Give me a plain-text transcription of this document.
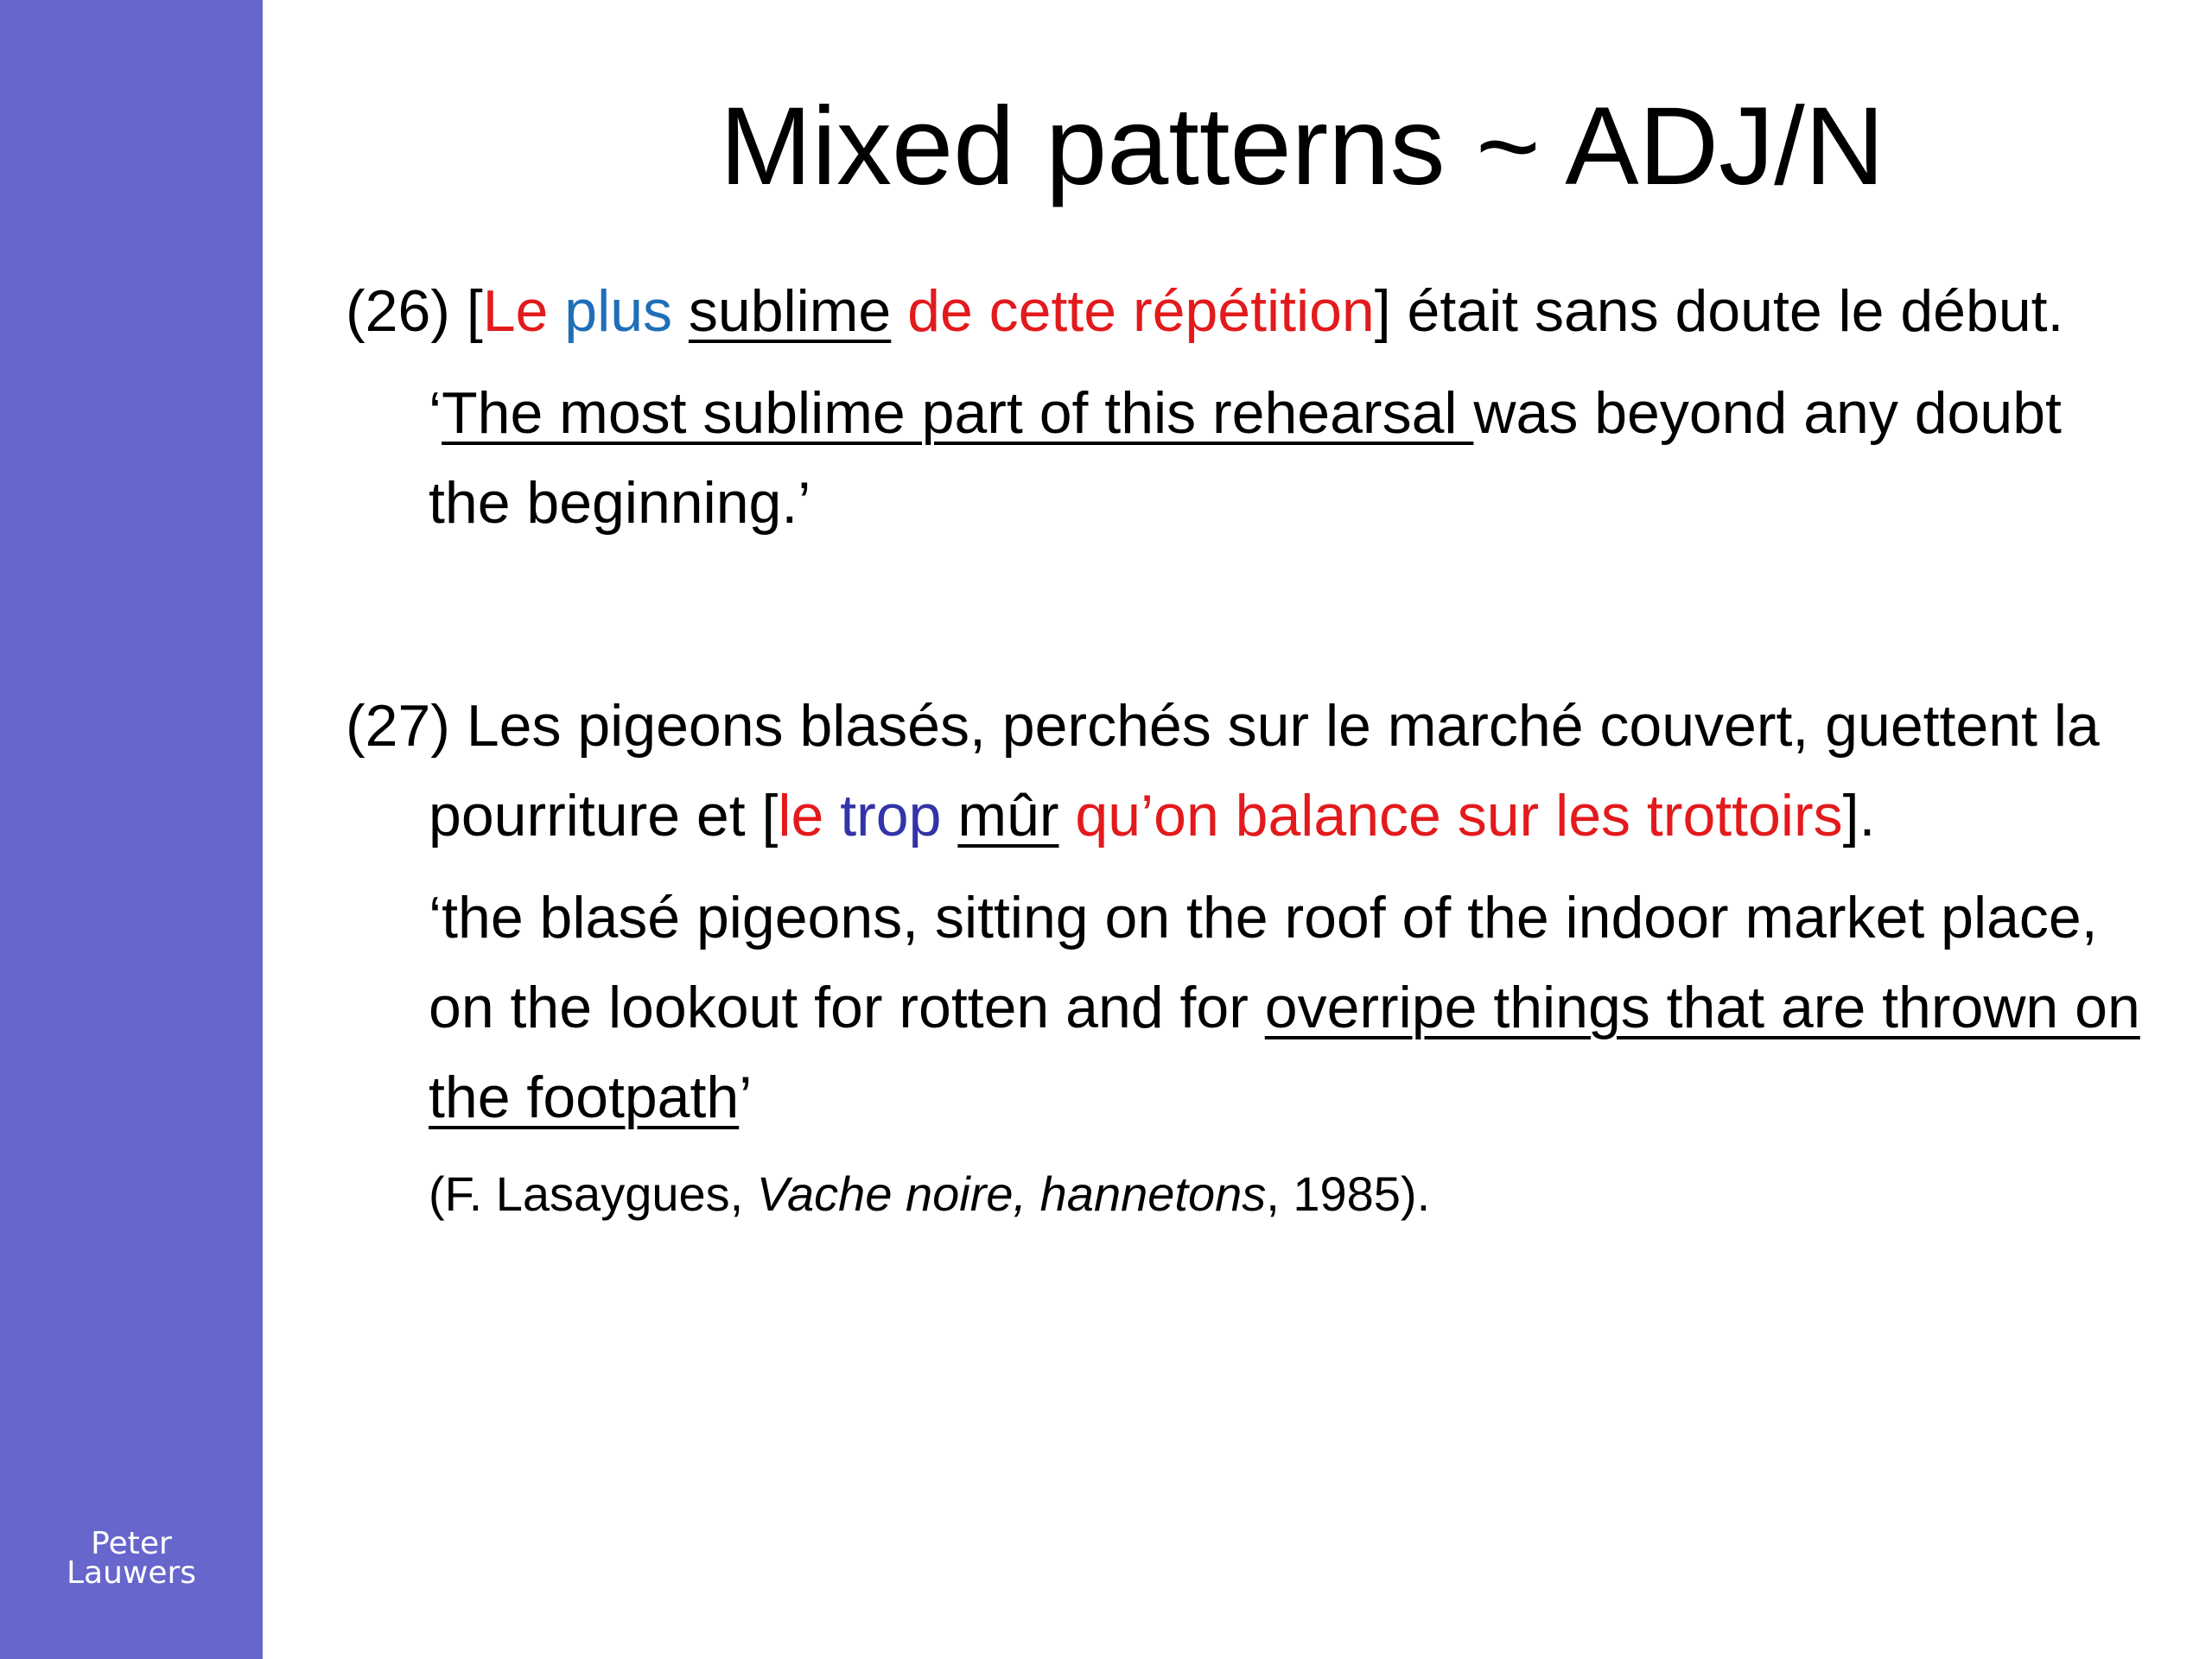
Peter
Lauwers
Mixed patterns ~ ADJ/N

(26) [Le plus sublime de cette répétition] était sans doute le début.

‘The most sublime part of this rehearsal was beyond any doubt the beginning.’

(27) Les pigeons blasés, perchés sur le marché couvert, guettent la pourriture et [le trop mûr qu’on balance sur les trottoirs].

‘the blasé pigeons, sitting on the roof of the indoor market place, on the lookout for rotten and for overripe things that are thrown on the footpath’

(F. Lasaygues, Vache noire, hannetons, 1985).
